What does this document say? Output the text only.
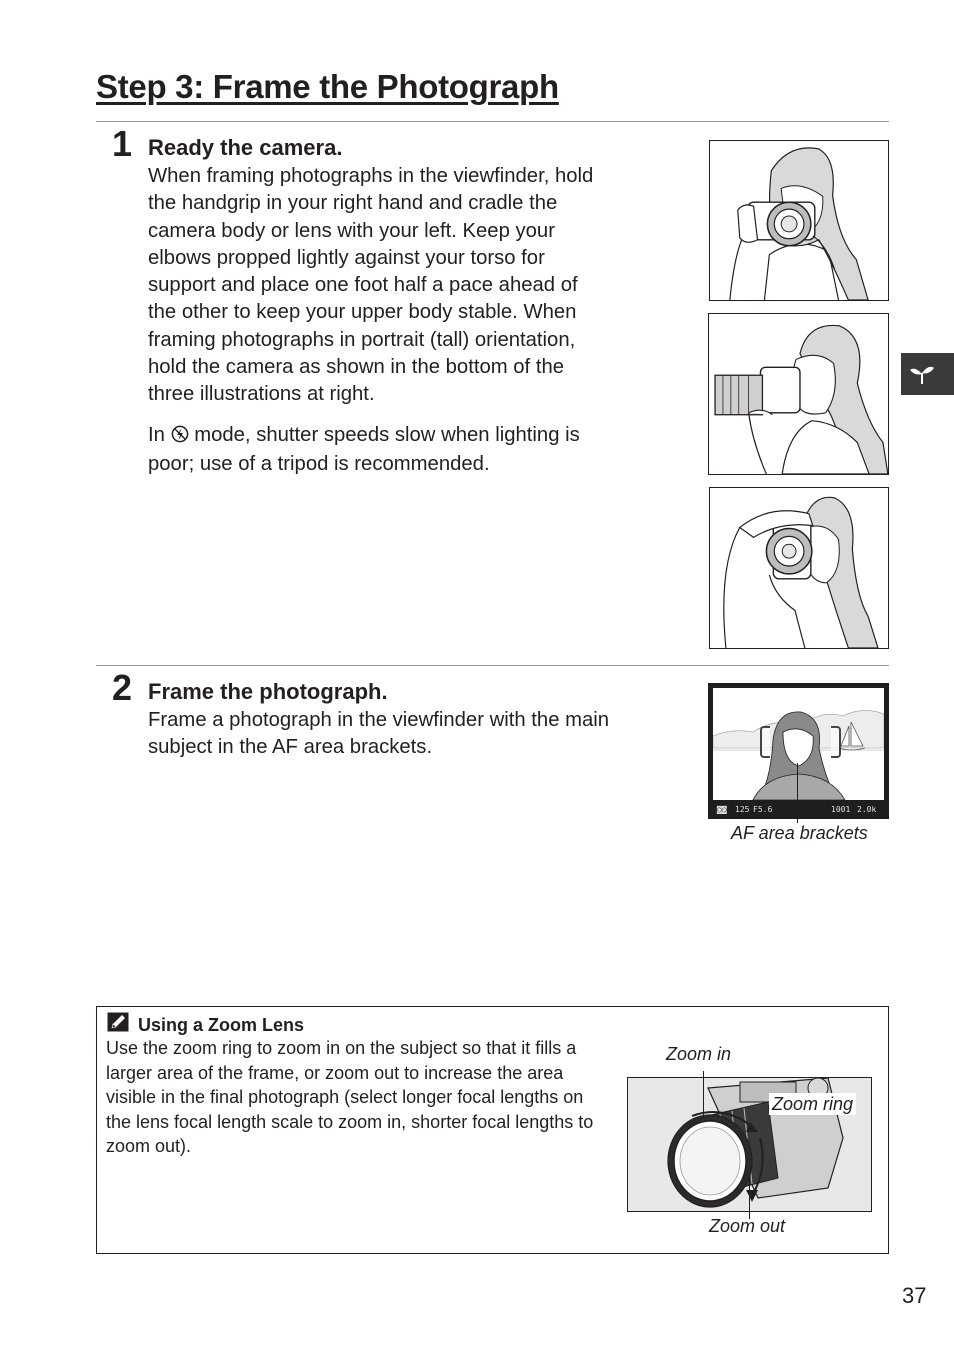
Step 3: Frame the Photograph
1 Ready the camera.

When framing photographs in the viewfinder, hold the handgrip in your right hand and cradle the camera body or lens with your left. Keep your elbows propped lightly against your torso for support and place one foot half a pace ahead of the other to keep your upper body stable. When framing photographs in portrait (tall) orientation, hold the camera as shown in the bottom of the three illustrations at right.

In mode, shutter speeds slow when lighting is poor; use of a tripod is recommended.

2 Frame the photograph.

Frame a photograph in the viewfinder with the main subject in the AF area brackets.

◙◙ 125 F5.6	1001 2.0k
AF area brackets
Using a Zoom Lens

Use the zoom ring to zoom in on the subject so that it fills a larger area of the frame, or zoom out to increase the area visible in the final photograph (select longer focal lengths on the lens focal length scale to zoom in, shorter focal lengths to zoom out).

Zoom in
Zoom ring
Zoom out
37
